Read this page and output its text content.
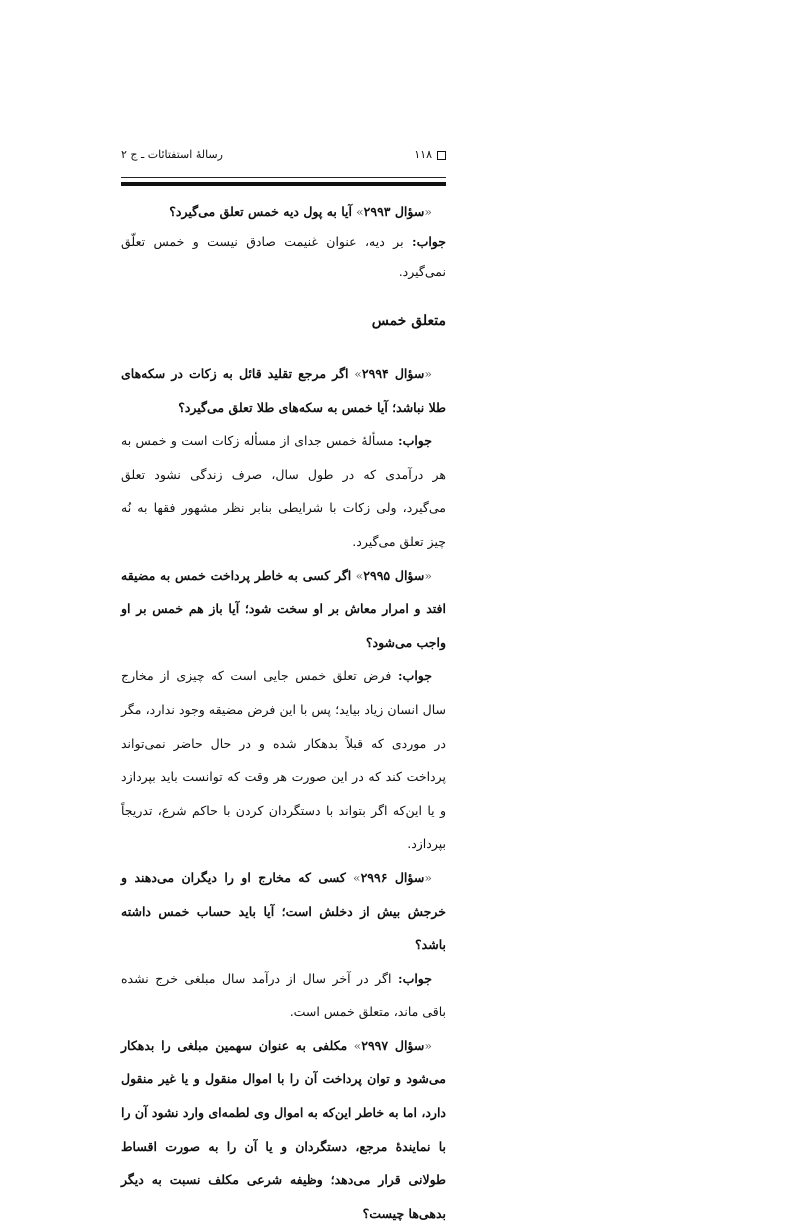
۱۱۸
رسالهٔ استفتائات ـ ج ۲

«سؤال ۲۹۹۳» آیا به پول دیه خمس تعلق می‌گیرد؟

جواب: بر دیه، عنوان غنیمت صادق نیست و خمس تعلّق نمی‌گیرد.

متعلق خمس

«سؤال ۲۹۹۴» اگر مرجع تقلید قائل به زکات در سکه‌های طلا نباشد؛ آیا خمس به سکه‌های طلا تعلق می‌گیرد؟

جواب: مسألهٔ خمس جدای از مسأله زکات است و خمس به هر درآمدی که در طول سال، صرف زندگی نشود تعلق می‌گیرد، ولی زکات با شرایطی بنابر نظر مشهور فقها به نُه چیز تعلق می‌گیرد.

«سؤال ۲۹۹۵» اگر کسی به خاطر پرداخت خمس به مضیقه افتد و امرار معاش بر او سخت شود؛ آیا باز هم خمس بر او واجب می‌شود؟

جواب: فرض تعلق خمس جایی است که چیزی از مخارج سال انسان زیاد بیاید؛ پس با این فرض مضیقه وجود ندارد، مگر در موردی که قبلاً بدهکار شده و در حال حاضر نمی‌تواند پرداخت کند که در این صورت هر وقت که توانست باید بپردازد و یا این‌که اگر بتواند با دستگردان کردن با حاکم شرع، تدریجاً بپردازد.

«سؤال ۲۹۹۶» کسی که مخارج او را دیگران می‌دهند و خرجش بیش از دخلش است؛ آیا باید حساب خمس داشته باشد؟

جواب: اگر در آخر سال از درآمد سال مبلغی خرج نشده باقی ماند، متعلق خمس است.

«سؤال ۲۹۹۷» مکلفی به عنوان سهمین مبلغی را بدهکار می‌شود و توان پرداخت آن را با اموال منقول و یا غیر منقول دارد، اما به خاطر این‌که به اموال وی لطمه‌ای وارد نشود آن را با نمایندهٔ مرجع، دستگردان و یا آن را به صورت اقساط طولانی قرار می‌دهد؛ وظیفه شرعی مکلف نسبت به دیگر بدهی‌ها چیست؟
